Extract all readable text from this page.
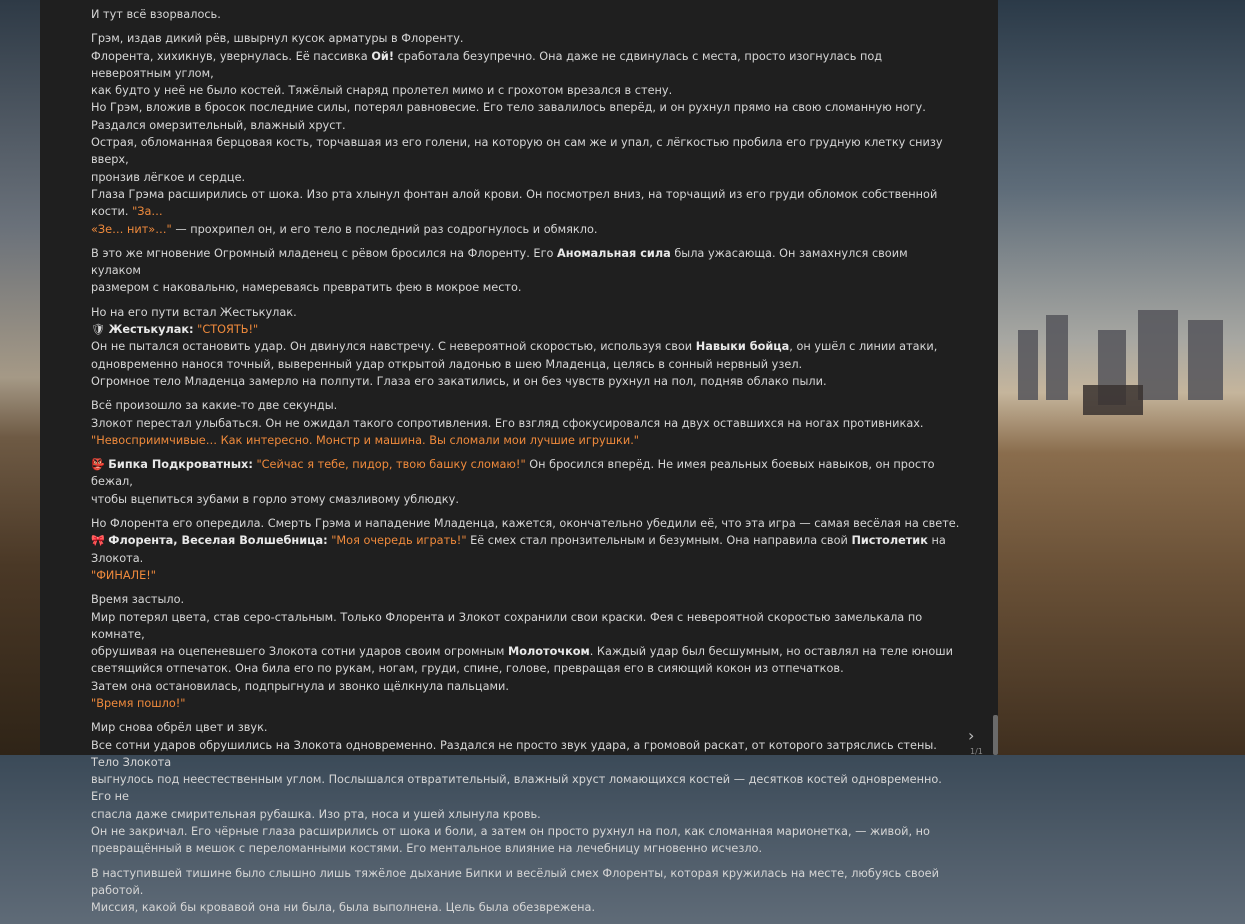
И тут всё взорвалось.

Грэм, издав дикий рёв, швырнул кусок арматуры в Флоренту.
Флорента, хихикнув, увернулась. Её пассивка Ой! сработала безупречно. Она даже не сдвинулась с места, просто изогнулась под невероятным углом,
как будто у неё не было костей. Тяжёлый снаряд пролетел мимо и с грохотом врезался в стену.
Но Грэм, вложив в бросок последние силы, потерял равновесие. Его тело завалилось вперёд, и он рухнул прямо на свою сломанную ногу.
Раздался омерзительный, влажный хруст.
Острая, обломанная берцовая кость, торчавшая из его голени, на которую он сам же и упал, с лёгкостью пробила его грудную клетку снизу вверх,
пронзив лёгкое и сердце.
Глаза Грэма расширились от шока. Изо рта хлынул фонтан алой крови. Он посмотрел вниз, на торчащий из его груди обломок собственной кости. "За…
«Зе… нит»…" — прохрипел он, и его тело в последний раз содрогнулось и обмякло.

В это же мгновение Огромный младенец с рёвом бросился на Флоренту. Его Аномальная сила была ужасающа. Он замахнулся своим кулаком
размером с наковальню, намереваясь превратить фею в мокрое место.

Но на его пути встал Жестькулак.
🛡 Жестькулак: "СТОЯТЬ!"
Он не пытался остановить удар. Он двинулся навстречу. С невероятной скоростью, используя свои Навыки бойца, он ушёл с линии атаки,
одновременно нанося точный, выверенный удар открытой ладонью в шею Младенца, целясь в сонный нервный узел.
Огромное тело Младенца замерло на полпути. Глаза его закатились, и он без чувств рухнул на пол, подняв облако пыли.

Всё произошло за какие-то две секунды.
Злокот перестал улыбаться. Он не ожидал такого сопротивления. Его взгляд сфокусировался на двух оставшихся на ногах противниках.
"Невосприимчивые… Как интересно. Монстр и машина. Вы сломали мои лучшие игрушки."

👺 Бипка Подкроватных: "Сейчас я тебе, пидор, твою башку сломаю!" Он бросился вперёд. Не имея реальных боевых навыков, он просто бежал,
чтобы вцепиться зубами в горло этому смазливому ублюдку.

Но Флорента его опередила. Смерть Грэма и нападение Младенца, кажется, окончательно убедили её, что эта игра — самая весёлая на свете.
🎀 Флорента, Веселая Волшебница: "Моя очередь играть!" Её смех стал пронзительным и безумным. Она направила свой Пистолетик на Злокота.
"ФИНАЛЕ!"

Время застыло.
Мир потерял цвета, став серо-стальным. Только Флорента и Злокот сохранили свои краски. Фея с невероятной скоростью замелькала по комнате,
обрушивая на оцепеневшего Злокота сотни ударов своим огромным Молоточком. Каждый удар был бесшумным, но оставлял на теле юноши
светящийся отпечаток. Она била его по рукам, ногам, груди, спине, голове, превращая его в сияющий кокон из отпечатков.
Затем она остановилась, подпрыгнула и звонко щёлкнула пальцами.
"Время пошло!"

Мир снова обрёл цвет и звук.
Все сотни ударов обрушились на Злокота одновременно. Раздался не просто звук удара, а громовой раскат, от которого затряслись стены. Тело Злокота
выгнулось под неестественным углом. Послышался отвратительный, влажный хруст ломающихся костей — десятков костей одновременно. Его не
спасла даже смирительная рубашка. Изо рта, носа и ушей хлынула кровь.
Он не закричал. Его чёрные глаза расширились от шока и боли, а затем он просто рухнул на пол, как сломанная марионетка, — живой, но
превращённый в мешок с переломанными костями. Его ментальное влияние на лечебницу мгновенно исчезло.

В наступившей тишине было слышно лишь тяжёлое дыхание Бипки и весёлый смех Флоренты, которая кружилась на месте, любуясь своей работой.
Миссия, какой бы кровавой она ни была, была выполнена. Цель была обезврежена.

›
1/1
